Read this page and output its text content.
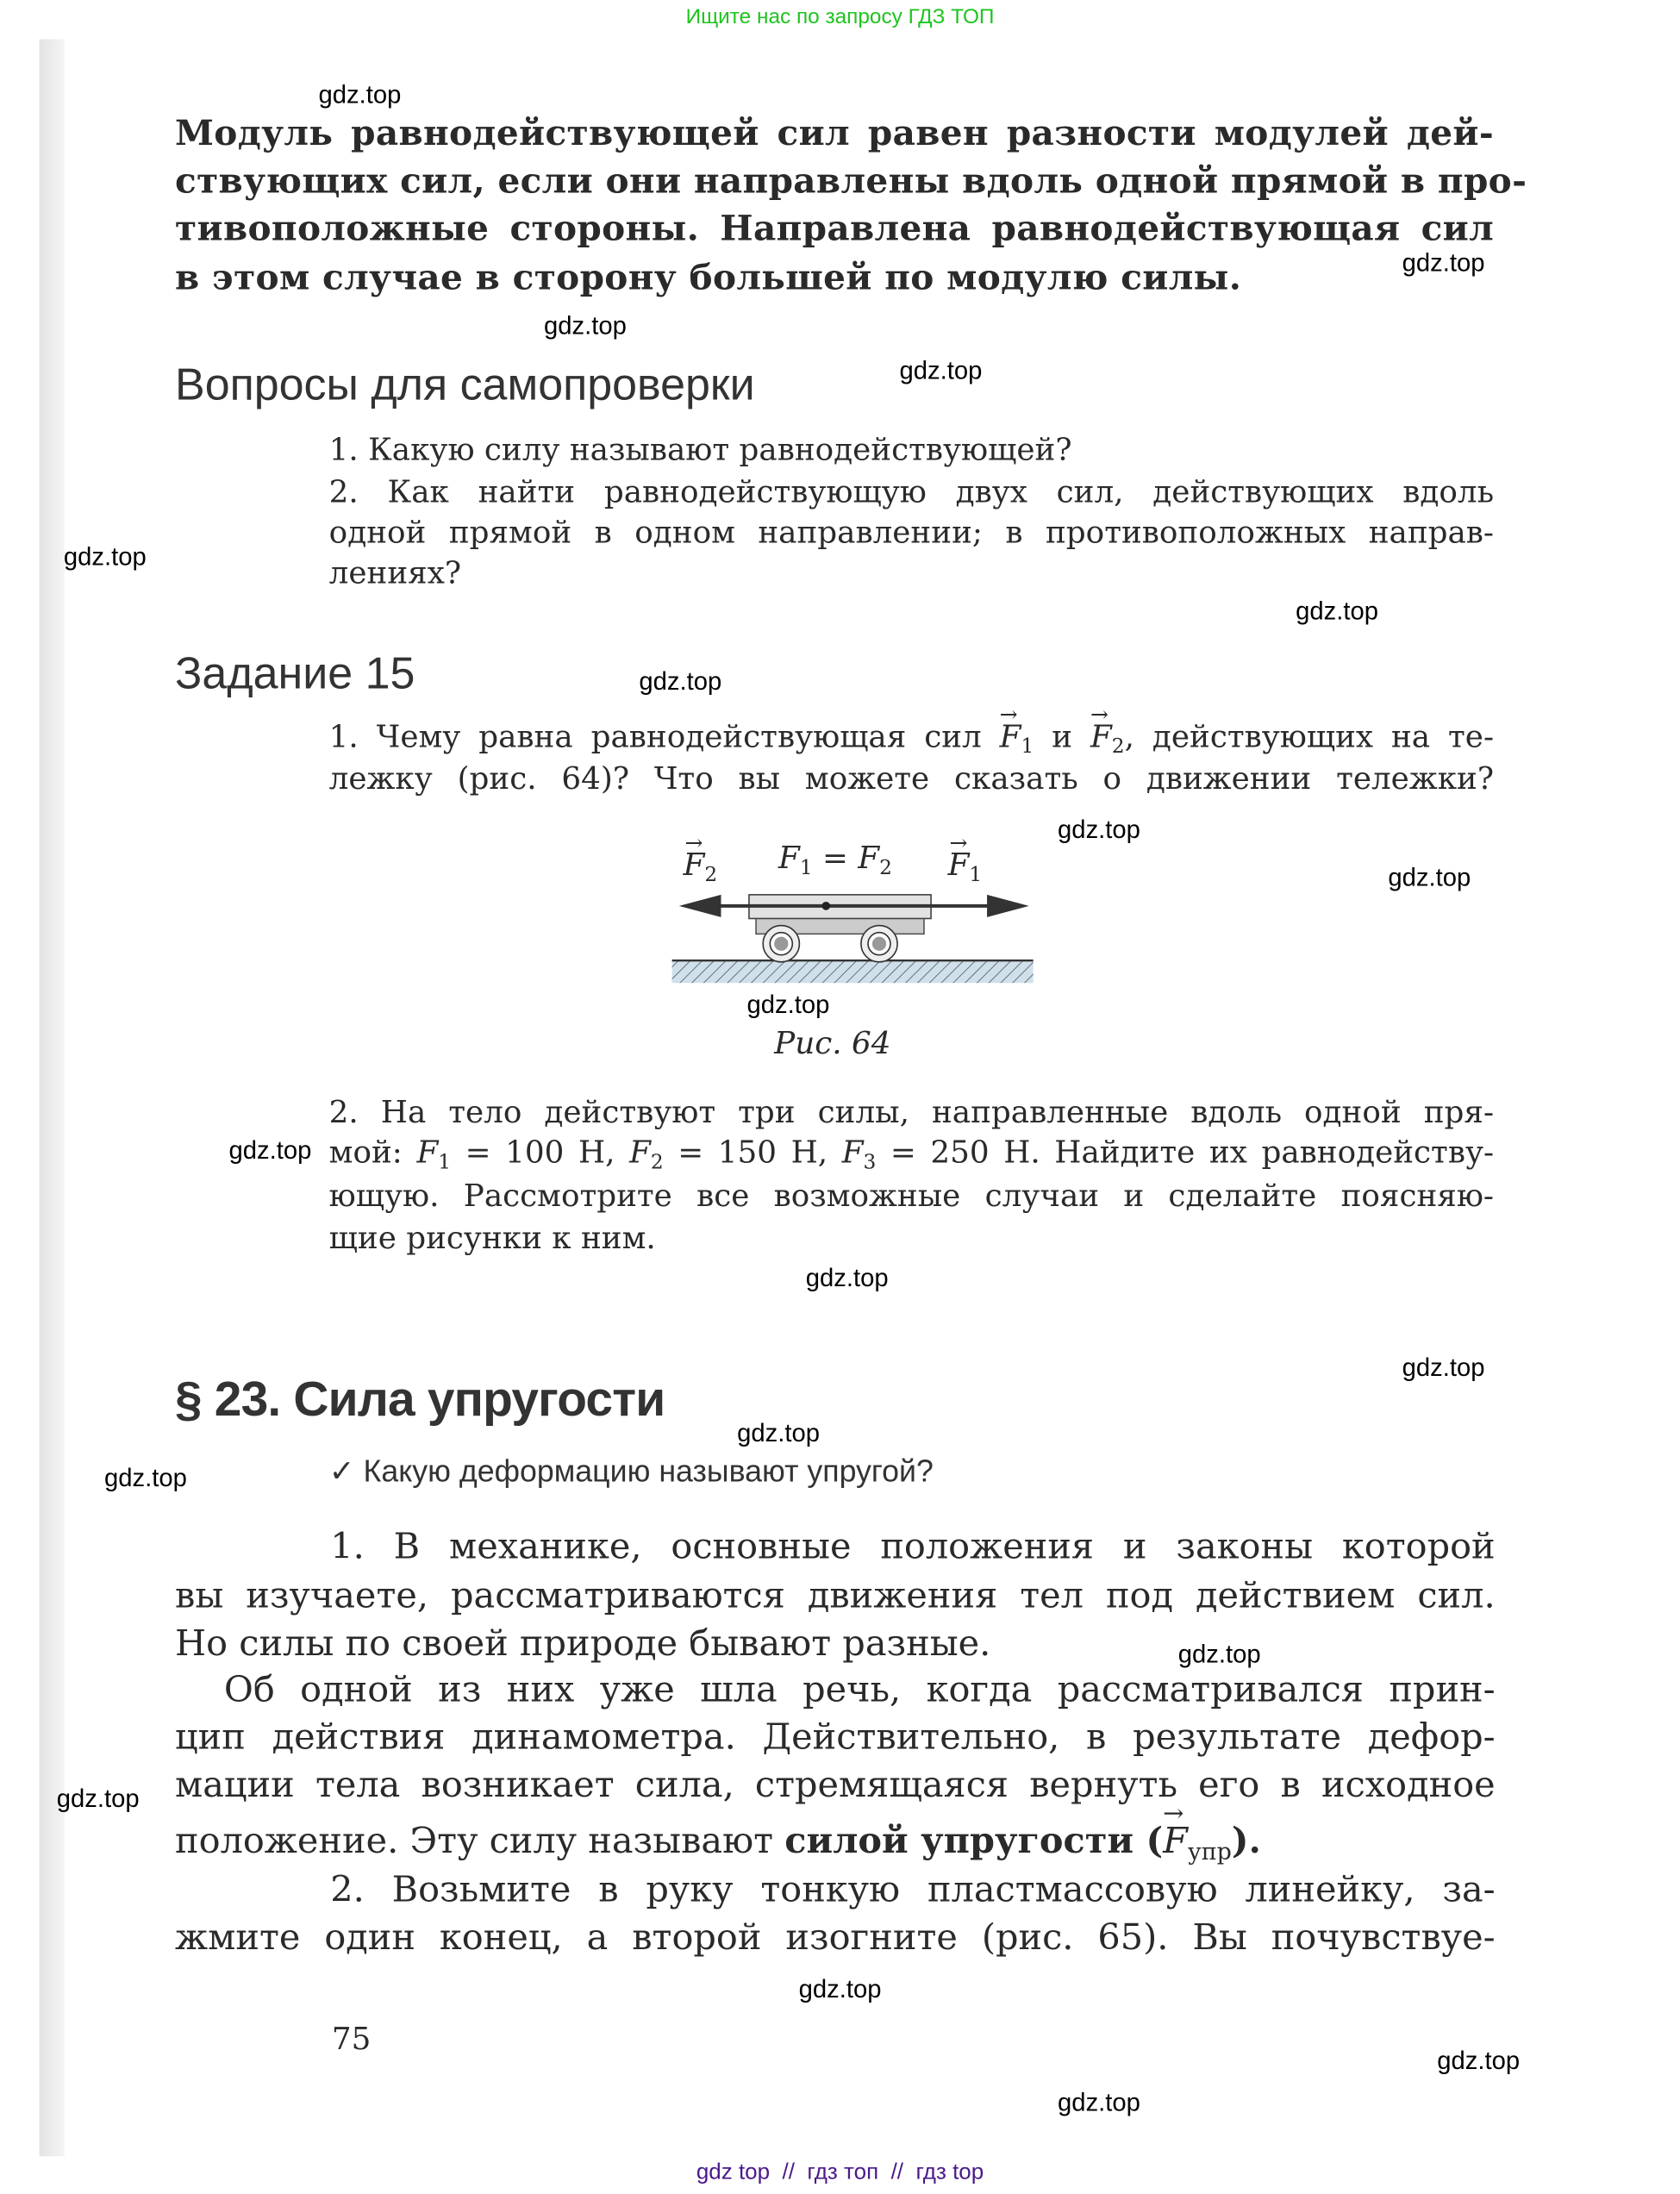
Ищите нас по запросу ГДЗ ТОП
Модуль равнодействующей сил равен разности модулей дей-
ствующих сил, если они направлены вдоль одной прямой в про-
тивоположные стороны. Направлена равнодействующая сил
в этом случае в сторону большей по модулю силы.
Вопросы для самопроверки
1. Какую силу называют равнодействующей?
2. Как найти равнодействующую двух сил, действующих вдоль
одной прямой в одном направлении; в противоположных направ-
лениях?
Задание 15
1. Чему равна равнодействующая сил → $F_1$ $и \to F_2$, действующих на те-
лежку (рис. 64)? Что вы можете сказать о движении тележки?
→ $F_2$	$F_1 = F_2$	→ $F_1$
Рис. 64
2. На тело действуют три силы, направленные вдоль одной пря-
мой: $F_1 = 100$ Н, $F_2 = 150$ Н, $F_3 = 250$ Н. Найдите их равнодейству-
ющую. Рассмотрите все возможные случаи и сделайте поясняю-
щие рисунки к ним.
§ 23. Сила упругости
✓ Какую деформацию называют упругой?
1. В механике, основные положения и законы которой
вы изучаете, рассматриваются движения тел под действием сил.
Но силы по своей природе бывают разные.
Об одной из них уже шла речь, когда рассматривался прин-
цип действия динамометра. Действительно, в результате дефор-
мации тела возникает сила, стремящаяся вернуть его в исходное
положение. Эту силу называют силой упругости (→ $F_{упр}$).
2. Возьмите в руку тонкую пластмассовую линейку, за-
жмите один конец, а второй изогните (рис. 65). Вы почувствуе-
75
gdz.top
gdz.top
gdz.top
gdz.top
gdz.top
gdz.top
gdz.top
gdz.top
gdz.top
gdz.top
gdz.top
gdz.top
gdz.top
gdz.top
gdz.top
gdz.top
gdz.top
gdz.top
gdz.top
gdz.top
gdz top  //  гдз топ  //  гдз top
